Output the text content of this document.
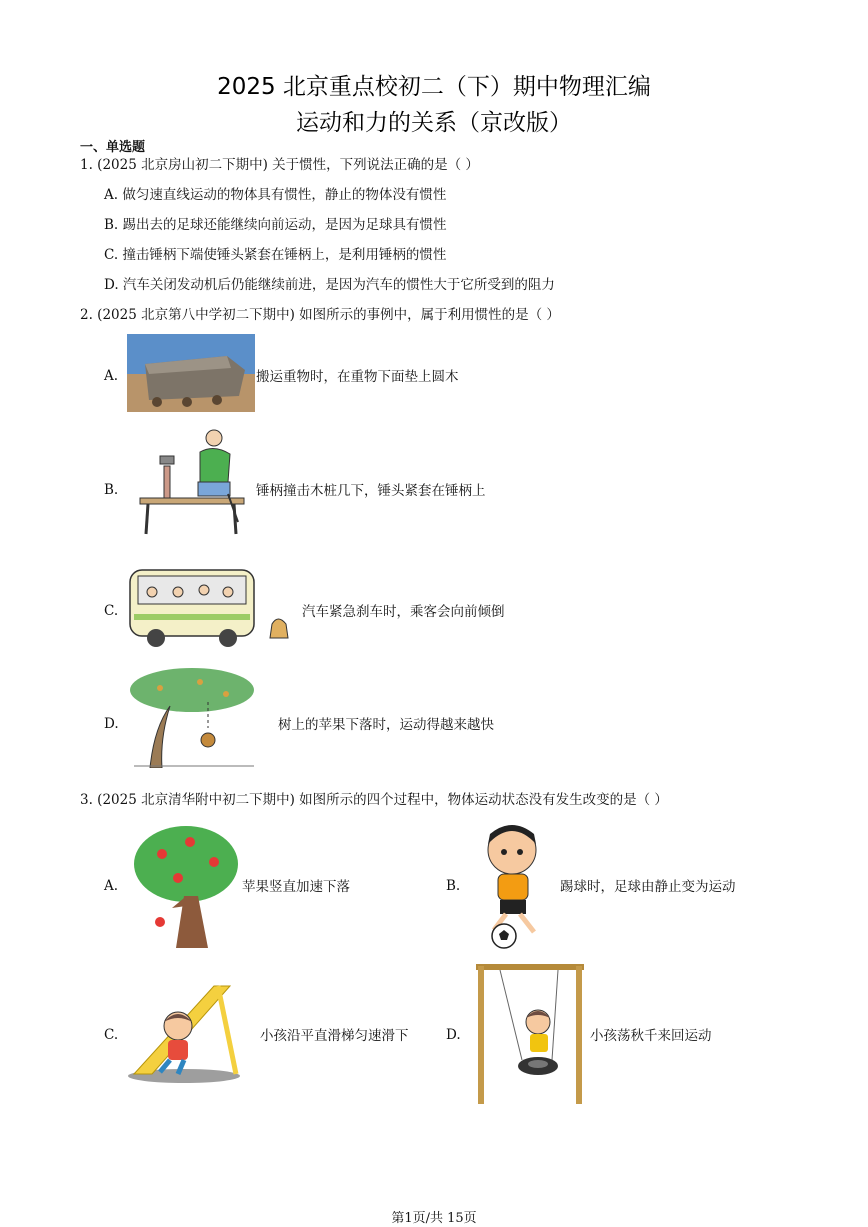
2025 北京重点校初二（下）期中物理汇编
运动和力的关系（京改版）
一、单选题
1. (2025 北京房山初二下期中) 关于惯性，下列说法正确的是（ ）
A. 做匀速直线运动的物体具有惯性，静止的物体没有惯性
B. 踢出去的足球还能继续向前运动，是因为足球具有惯性
C. 撞击锤柄下端使锤头紧套在锤柄上，是利用锤柄的惯性
D. 汽车关闭发动机后仍能继续前进，是因为汽车的惯性大于它所受到的阻力
2. (2025 北京第八中学初二下期中) 如图所示的事例中，属于利用惯性的是（ ）
A.	搬运重物时，在重物下面垫上圆木
B.	锤柄撞击木桩几下，锤头紧套在锤柄上
C.	汽车紧急刹车时，乘客会向前倾倒
D.	树上的苹果下落时，运动得越来越快
3. (2025 北京清华附中初二下期中) 如图所示的四个过程中，物体运动状态没有发生改变的是（ ）
A.	苹果竖直加速下落	B.	踢球时，足球由静止变为运动
C.	小孩沿平直滑梯匀速滑下	D.	小孩荡秋千来回运动
第1页/共 15页
